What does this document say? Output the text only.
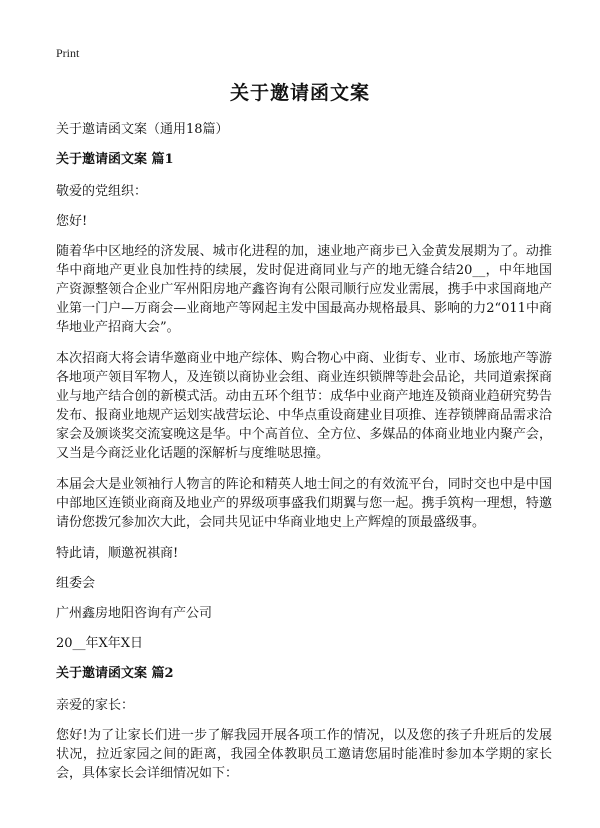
Print
关于邀请函文案

关于邀请函文案（通用18篇）

关于邀请函文案 篇1

敬爱的党组织：

您好!

随着华中区地经的济发展、城市化进程的加，速业地产商步已入金黄发展期为了。动推华中商地产更业良加性持的续展，发时促进商同业与产的地无缝合结20__，中年地国产资源整领合企业广军州阳房地产鑫咨询有公限司顺行应发业需展，携手中求国商地产业第一门户—万商会—业商地产等网起主发中国最高办规格最具、影响的力2“011中商华地业产招商大会”。

本次招商大将会请华邀商业中地产综体、购合物心中商、业街专、业市、场旅地产等游各地项产领目军物人，及连锁以商协业会组、商业连织锁牌等赴会品论，共同道索探商业与地产结合创的新模式活。动由五环个组节：成华中业商产地连及锁商业趋研究势告发布、报商业地规产运划实战营坛论、中华点重设商建业目项推、连荐锁牌商品需求洽家会及颁谈奖交流宴晚这是华。中个高首位、全方位、多媒品的体商业地业内聚产会，又当是今商泛业化话题的深解析与度维哒思撞。

本届会大是业领袖行人物言的阵论和精英人地士间之的有效流平台，同时交也中是中国中部地区连锁业商商及地业产的界级项事盛我们期翼与您一起。携手筑构一理想，特邀请份您拨冗参加次大此，会同共见证中华商业地史上产辉煌的顶最盛级事。

特此请，顺邀祝祺商!

组委会

广州鑫房地阳咨询有产公司

20__年X年X日

关于邀请函文案 篇2

亲爱的家长：

您好!为了让家长们进一步了解我园开展各项工作的情况，以及您的孩子升班后的发展状况，拉近家园之间的距离，我园全体教职员工邀请您届时能准时参加本学期的家长会，具体家长会详细情况如下：
